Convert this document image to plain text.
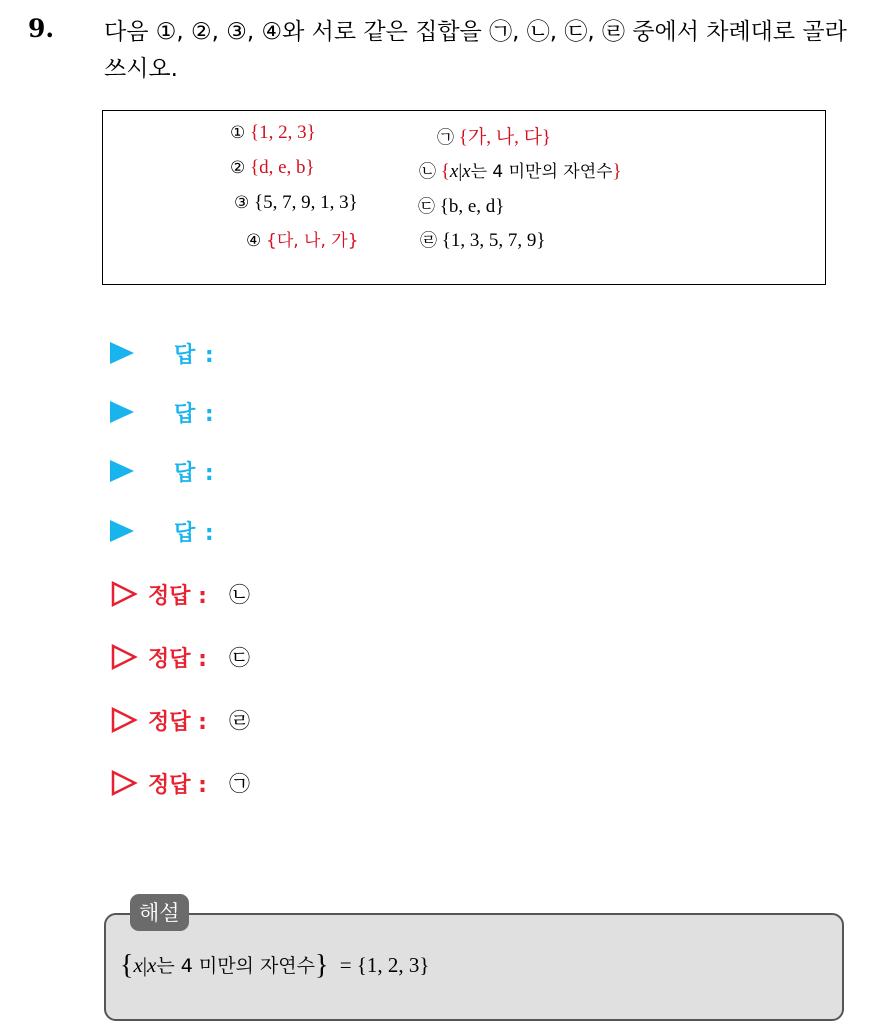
9. 다음 ①, ②, ③, ④와 서로 같은 집합을 ㉠, ㉡, ㉢, ㉣ 중에서 차례대로 골라 쓰시오.
① {1, 2, 3}	㉠ {가, 나, 다}
② {d, e, b}	㉡ {x|x는 4 미만의 자연수}
③ {5, 7, 9, 1, 3}	㉢ {b, e, d}
④ {다, 나, 가}	㉣ {1, 3, 5, 7, 9}
답 :
답 :
답 :
답 :
정답 : ㉡
정답 : ㉢
정답 : ㉣
정답 : ㉠
해설
{x|x는 4 미만의 자연수} = {1, 2, 3}
